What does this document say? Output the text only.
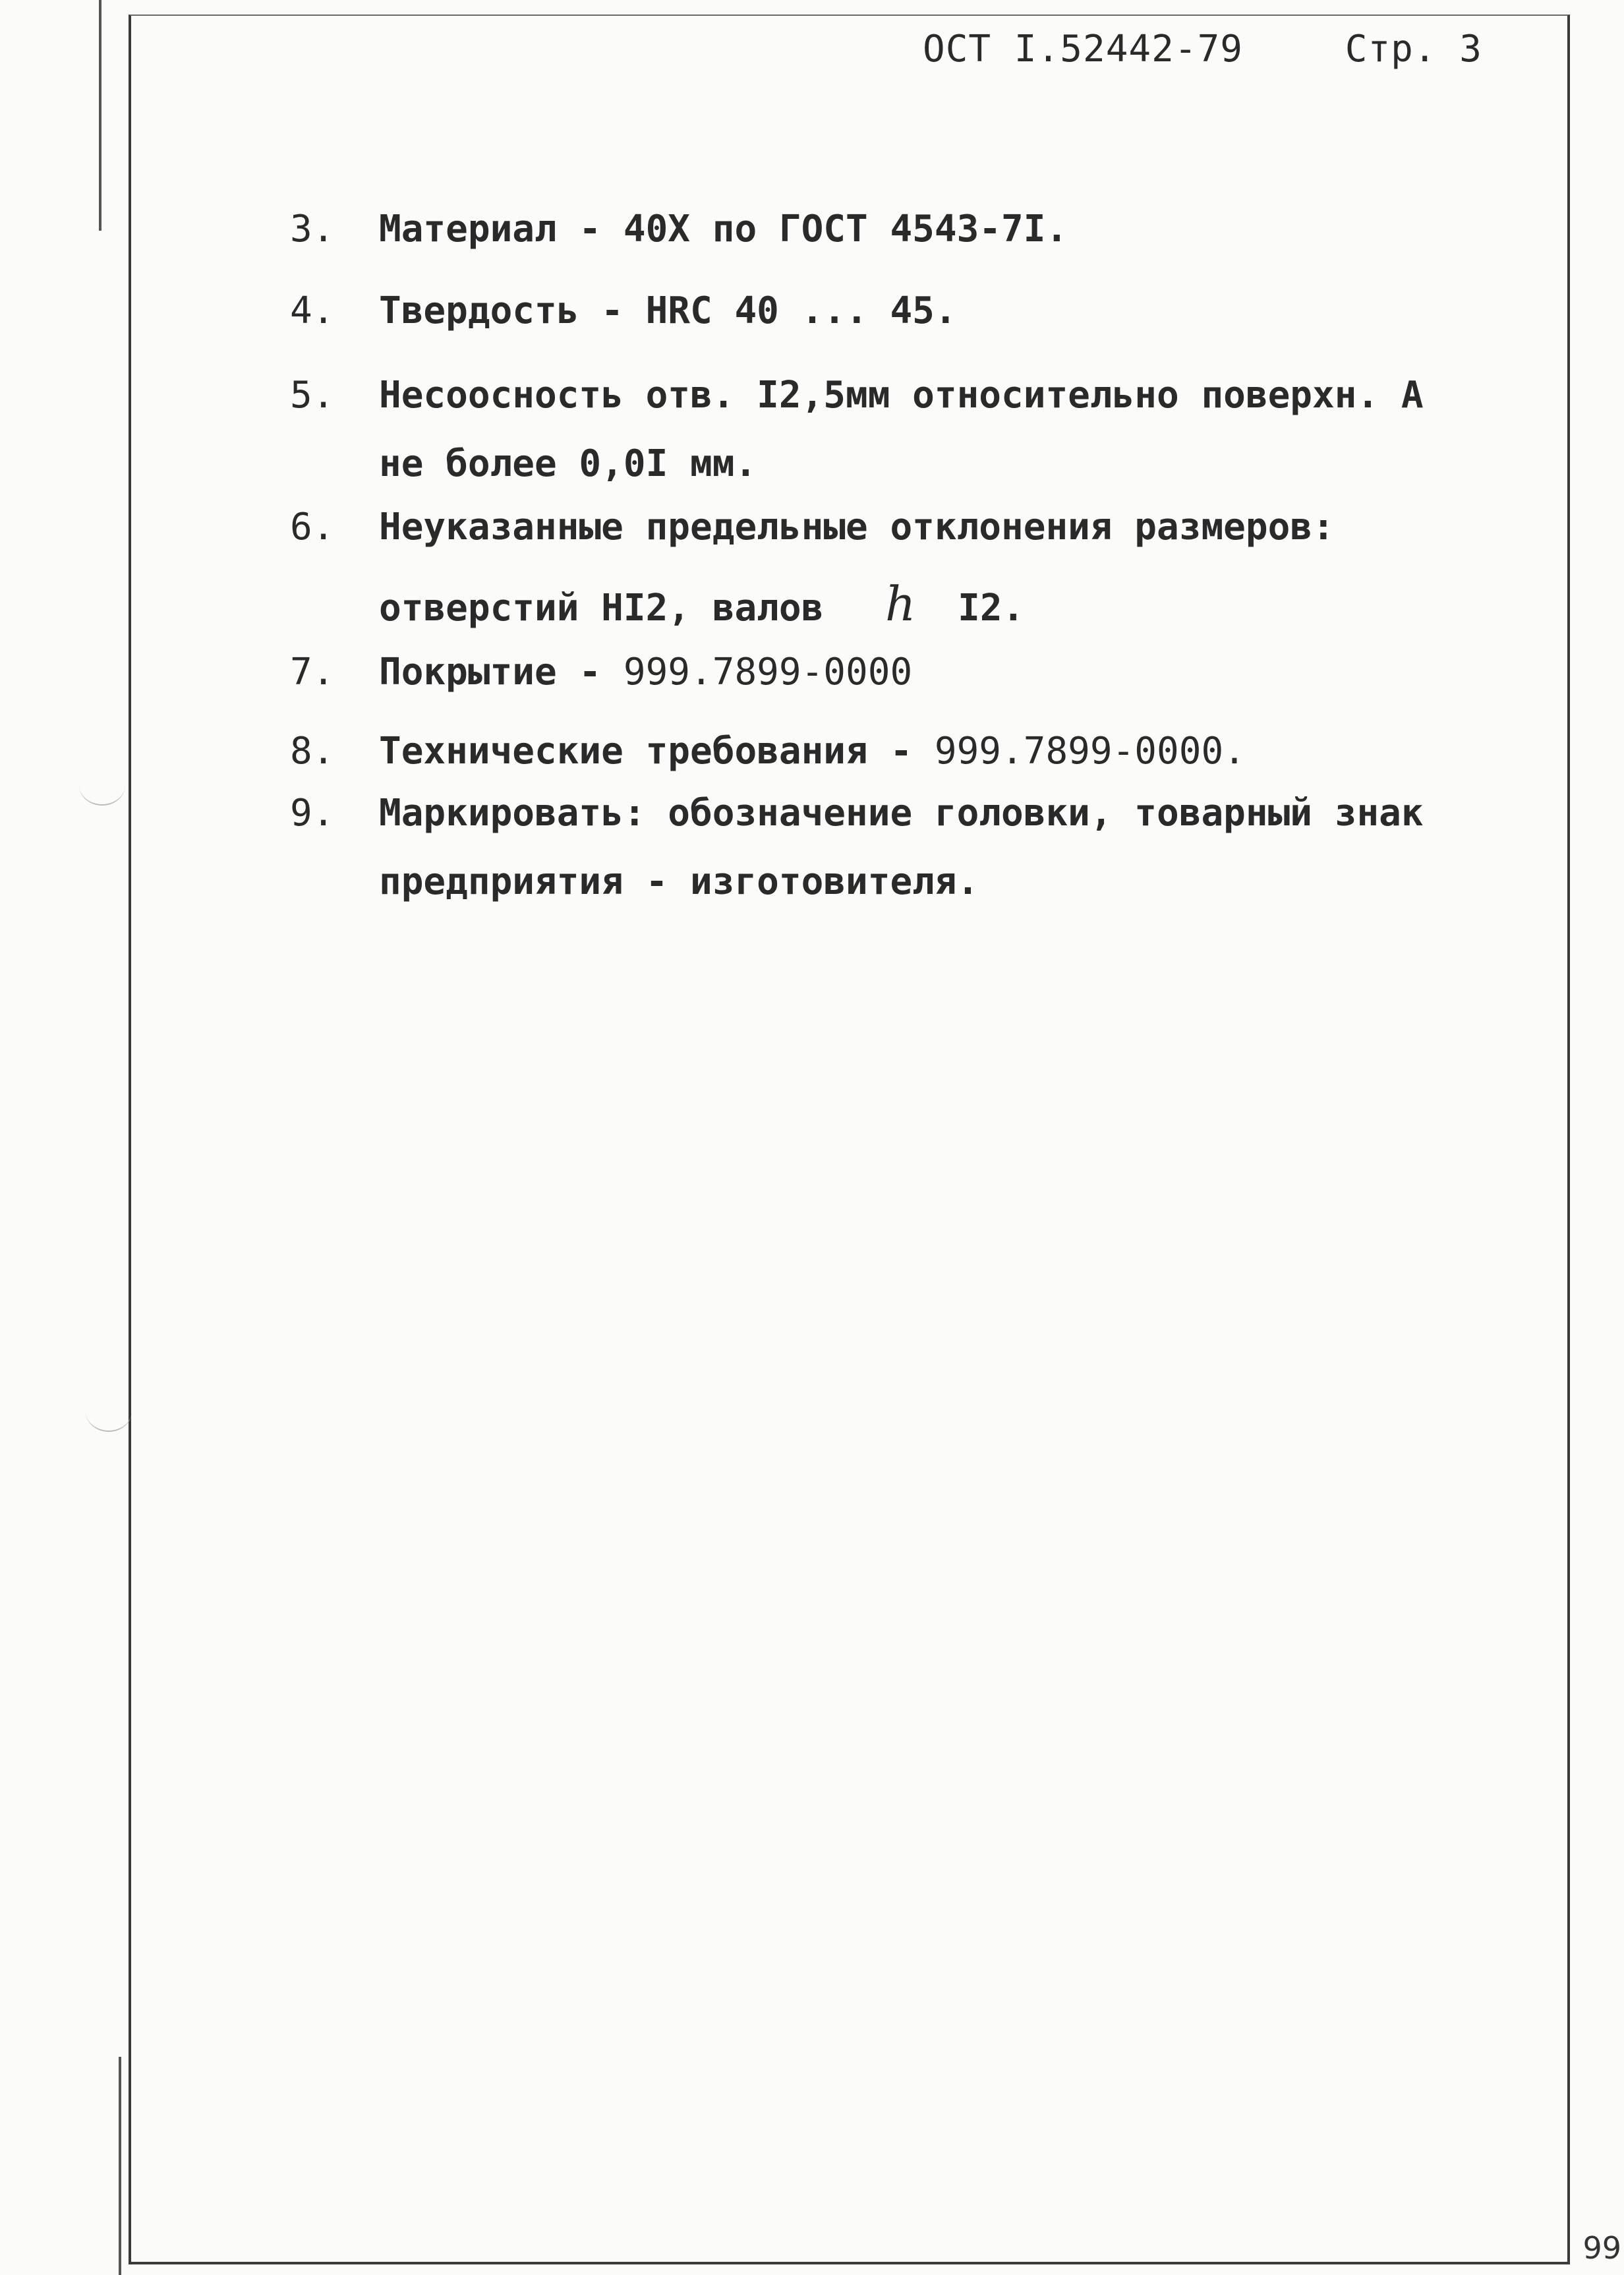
ОСТ I.52442-79	Стр. 3
3. Материал - 40Х по ГОСТ 4543-7I.
4. Твердость - HRC 40 ... 45.
5. Несоосность отв. I2,5мм относительно поверхн. А
не более 0,0I мм.
6. Неуказанные предельные отклонения размеров:
отверстий HI2, валов h I2.
7. Покрытие - 999.7899-0000
8. Технические требования - 999.7899-0000.
9. Маркировать: обозначение головки, товарный знак
предприятия - изготовителя.
99
